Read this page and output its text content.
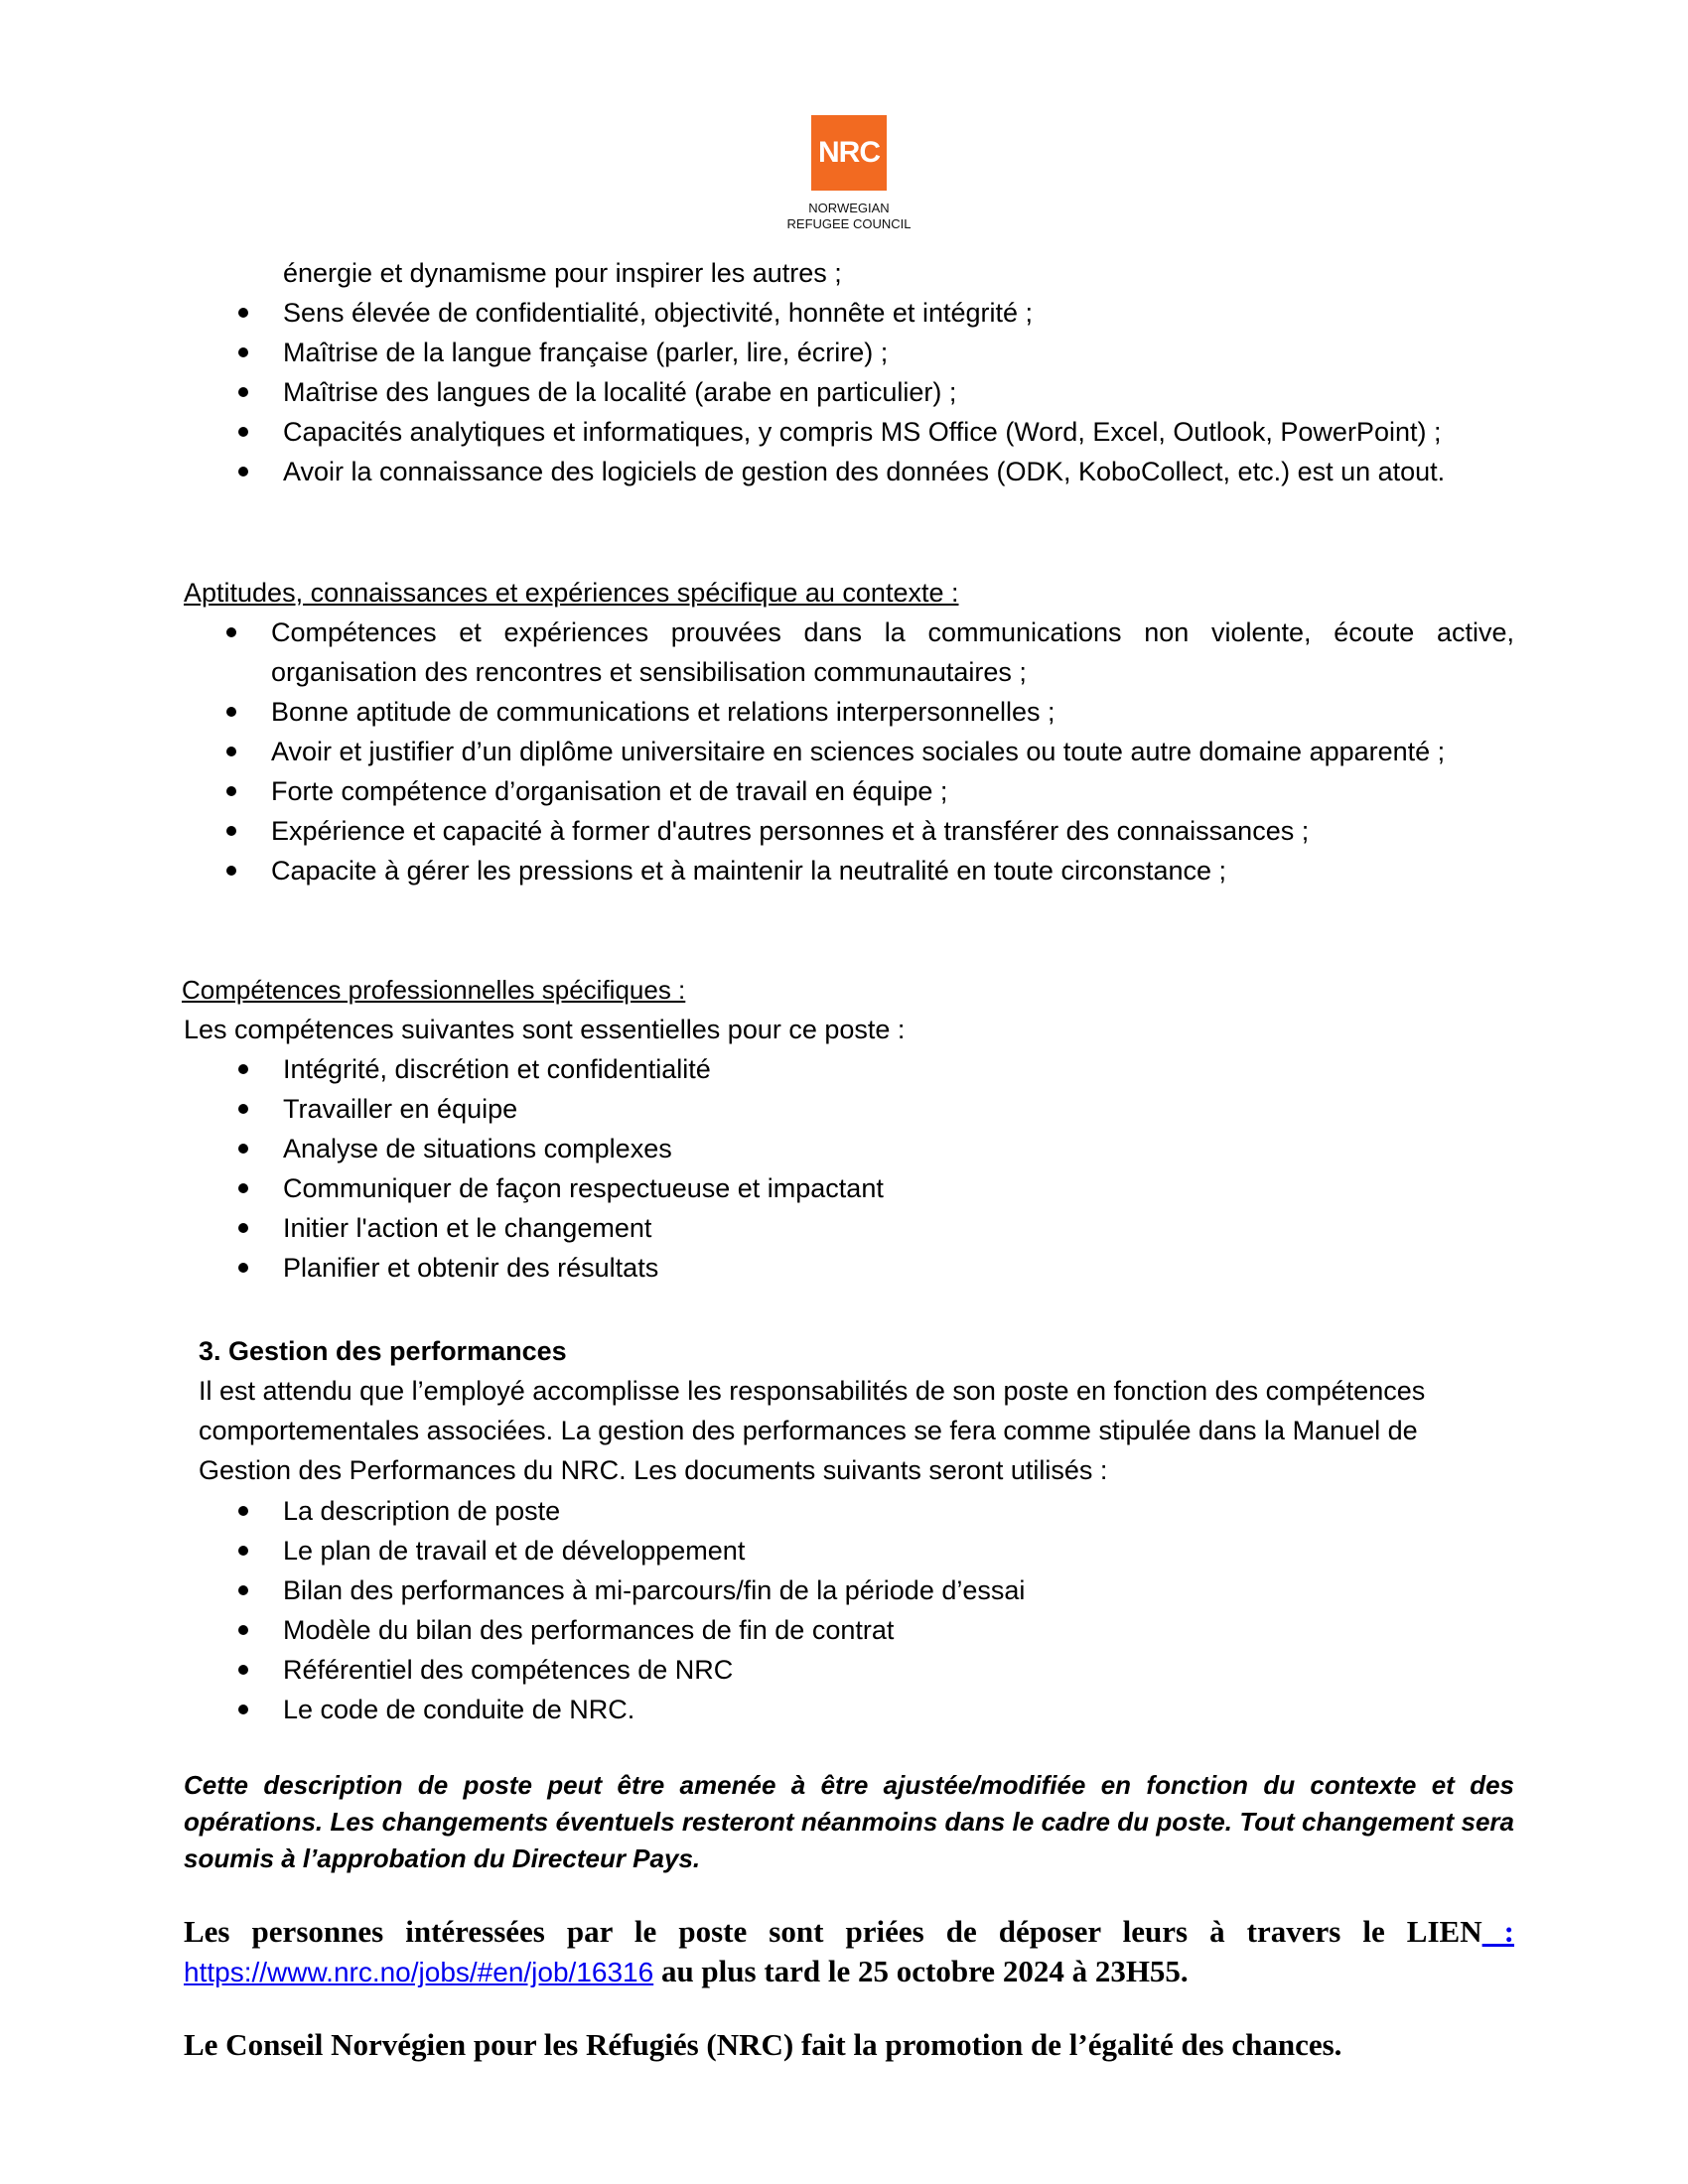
NRC
NORWEGIAN
REFUGEE COUNCIL
énergie et dynamisme pour inspirer les autres ;
Sens élevée de confidentialité, objectivité, honnête et intégrité ;
Maîtrise de la langue française (parler, lire, écrire) ;
Maîtrise des langues de la localité (arabe en particulier) ;
Capacités analytiques et informatiques, y compris MS Office (Word, Excel, Outlook, PowerPoint) ;
Avoir la connaissance des logiciels de gestion des données (ODK, KoboCollect, etc.) est un atout.
Aptitudes, connaissances et expériences spécifique au contexte :
Compétences et expériences prouvées dans la communications non violente, écoute active, organisation des rencontres et sensibilisation communautaires ;
Bonne aptitude de communications et relations interpersonnelles ;
Avoir et justifier d’un diplôme universitaire en sciences sociales ou toute autre domaine apparenté ;
Forte compétence d’organisation et de travail en équipe ;
Expérience et capacité à former d'autres personnes et à transférer des connaissances ;
Capacite à gérer les pressions et à maintenir la neutralité en toute circonstance ;
Compétences professionnelles spécifiques :
Les compétences suivantes sont essentielles pour ce poste :
Intégrité, discrétion et confidentialité
Travailler en équipe
Analyse de situations complexes
Communiquer de façon respectueuse et impactant
Initier l'action et le changement
Planifier et obtenir des résultats
3. Gestion des performances
Il est attendu que l’employé accomplisse les responsabilités de son poste en fonction des compétences comportementales associées. La gestion des performances se fera comme stipulée dans la Manuel de Gestion des Performances du NRC. Les documents suivants seront utilisés :
La description de poste
Le plan de travail et de développement
Bilan des performances à mi-parcours/fin de la période d’essai
Modèle du bilan des performances de fin de contrat
Référentiel des compétences de NRC
Le code de conduite de NRC.
Cette description de poste peut être amenée à être ajustée/modifiée en fonction du contexte et des opérations. Les changements éventuels resteront néanmoins dans le cadre du poste. Tout changement sera soumis à l’approbation du Directeur Pays.
Les personnes intéressées par le poste sont priées de déposer leurs à travers le LIEN : https://www.nrc.no/jobs/#en/job/16316 au plus tard le 25 octobre 2024 à 23H55.
Le Conseil Norvégien pour les Réfugiés (NRC) fait la promotion de l’égalité des chances.
